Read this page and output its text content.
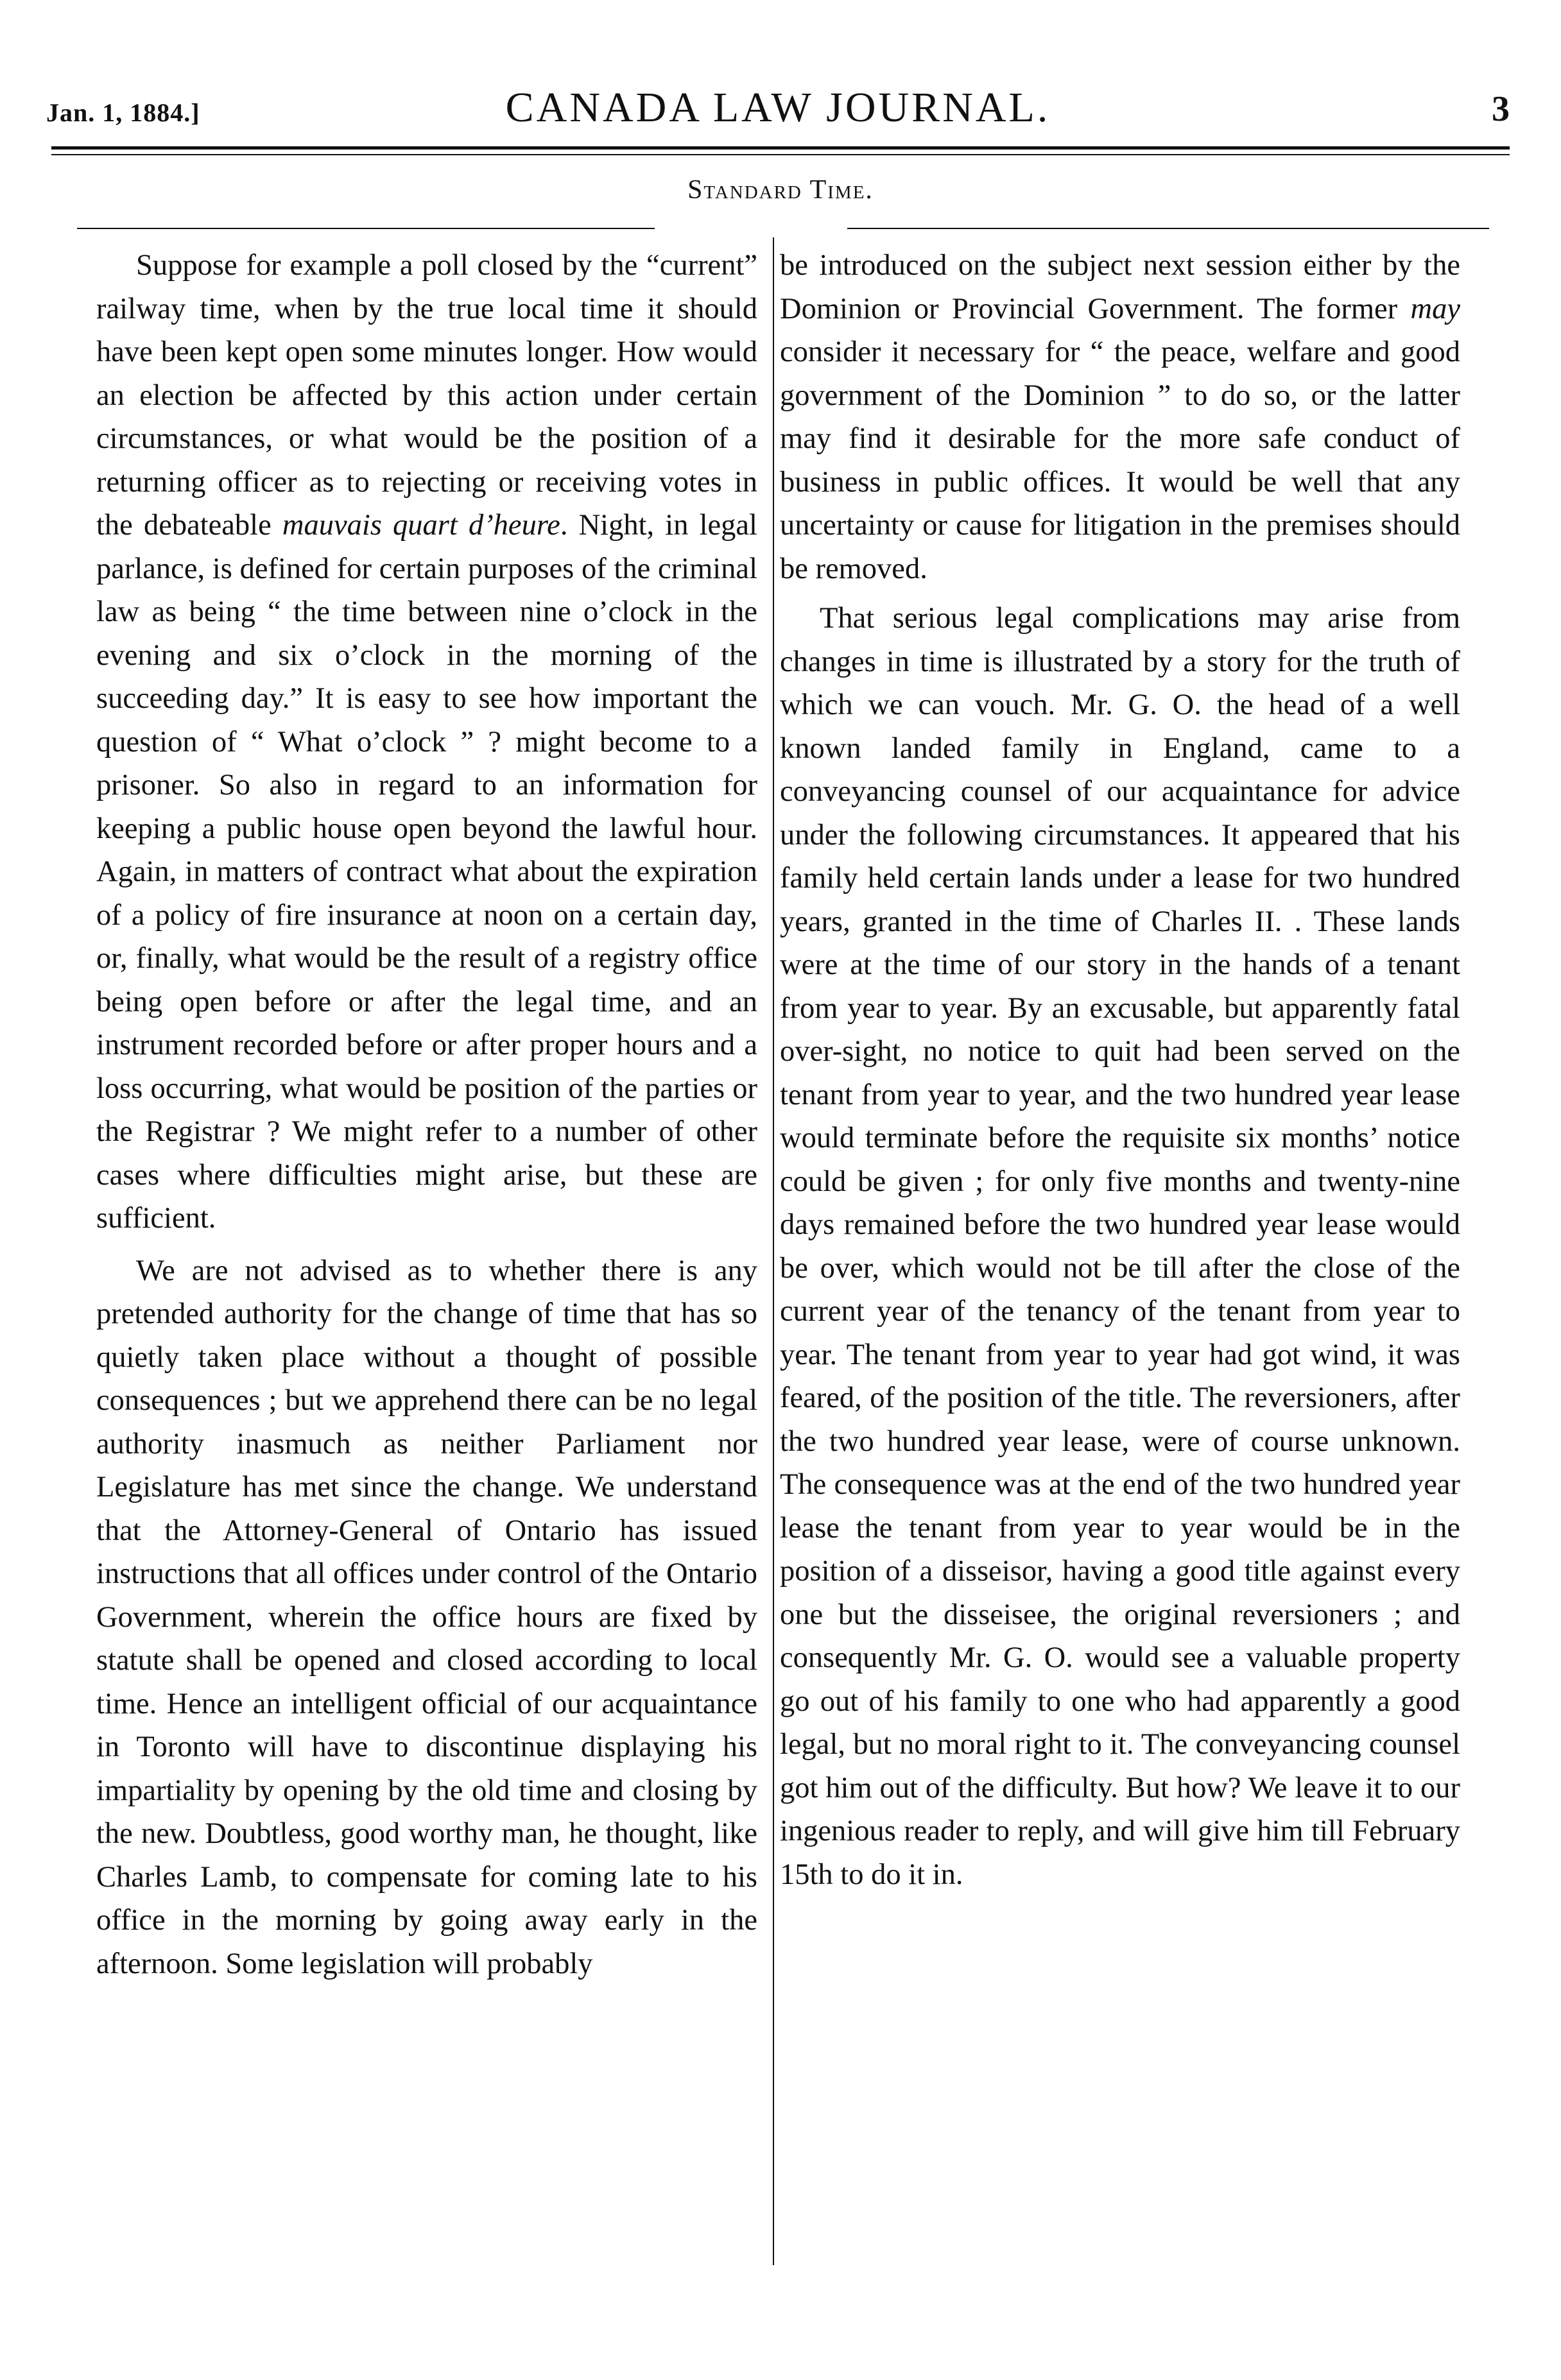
Jan. 1, 1884.]	CANADA LAW JOURNAL.	3
Standard Time.

Suppose for example a poll closed by the “current” railway time, when by the true local time it should have been kept open some minutes longer. How would an election be affected by this action under certain circumstances, or what would be the position of a returning officer as to rejecting or receiving votes in the debateable mauvais quart d’heure. Night, in legal parlance, is defined for certain purposes of the criminal law as being “ the time between nine o’clock in the evening and six o’clock in the morning of the succeeding day.” It is easy to see how important the question of “ What o’clock ” ? might become to a prisoner. So also in regard to an information for keeping a public house open beyond the lawful hour. Again, in matters of contract what about the expiration of a policy of fire insurance at noon on a certain day, or, finally, what would be the result of a registry office being open before or after the legal time, and an instrument recorded before or after proper hours and a loss occurring, what would be position of the parties or the Registrar ? We might refer to a number of other cases where difficulties might arise, but these are sufficient.

We are not advised as to whether there is any pretended authority for the change of time that has so quietly taken place without a thought of possible consequences ; but we apprehend there can be no legal authority inasmuch as neither Parliament nor Legislature has met since the change. We understand that the Attorney-General of Ontario has issued instructions that all offices under control of the Ontario Government, wherein the office hours are fixed by statute shall be opened and closed according to local time. Hence an intelligent official of our acquaintance in Toronto will have to discontinue displaying his impartiality by opening by the old time and closing by the new. Doubtless, good worthy man, he thought, like Charles Lamb, to compensate for coming late to his office in the morning by going away early in the afternoon. Some legislation will probably

be introduced on the subject next session either by the Dominion or Provincial Government. The former may consider it necessary for “ the peace, welfare and good government of the Dominion ” to do so, or the latter may find it desirable for the more safe conduct of business in public offices. It would be well that any uncertainty or cause for litigation in the premises should be removed.

That serious legal complications may arise from changes in time is illustrated by a story for the truth of which we can vouch. Mr. G. O. the head of a well known landed family in England, came to a conveyancing counsel of our acquaintance for advice under the following circumstances. It appeared that his family held certain lands under a lease for two hundred years, granted in the time of Charles II. . These lands were at the time of our story in the hands of a tenant from year to year. By an excusable, but apparently fatal over-sight, no notice to quit had been served on the tenant from year to year, and the two hundred year lease would terminate before the requisite six months’ notice could be given ; for only five months and twenty-nine days remained before the two hundred year lease would be over, which would not be till after the close of the current year of the tenancy of the tenant from year to year. The tenant from year to year had got wind, it was feared, of the position of the title. The reversioners, after the two hundred year lease, were of course unknown. The consequence was at the end of the two hundred year lease the tenant from year to year would be in the position of a disseisor, having a good title against every one but the disseisee, the original reversioners ; and consequently Mr. G. O. would see a valuable property go out of his family to one who had apparently a good legal, but no moral right to it. The conveyancing counsel got him out of the difficulty. But how? We leave it to our ingenious reader to reply, and will give him till February 15th to do it in.
